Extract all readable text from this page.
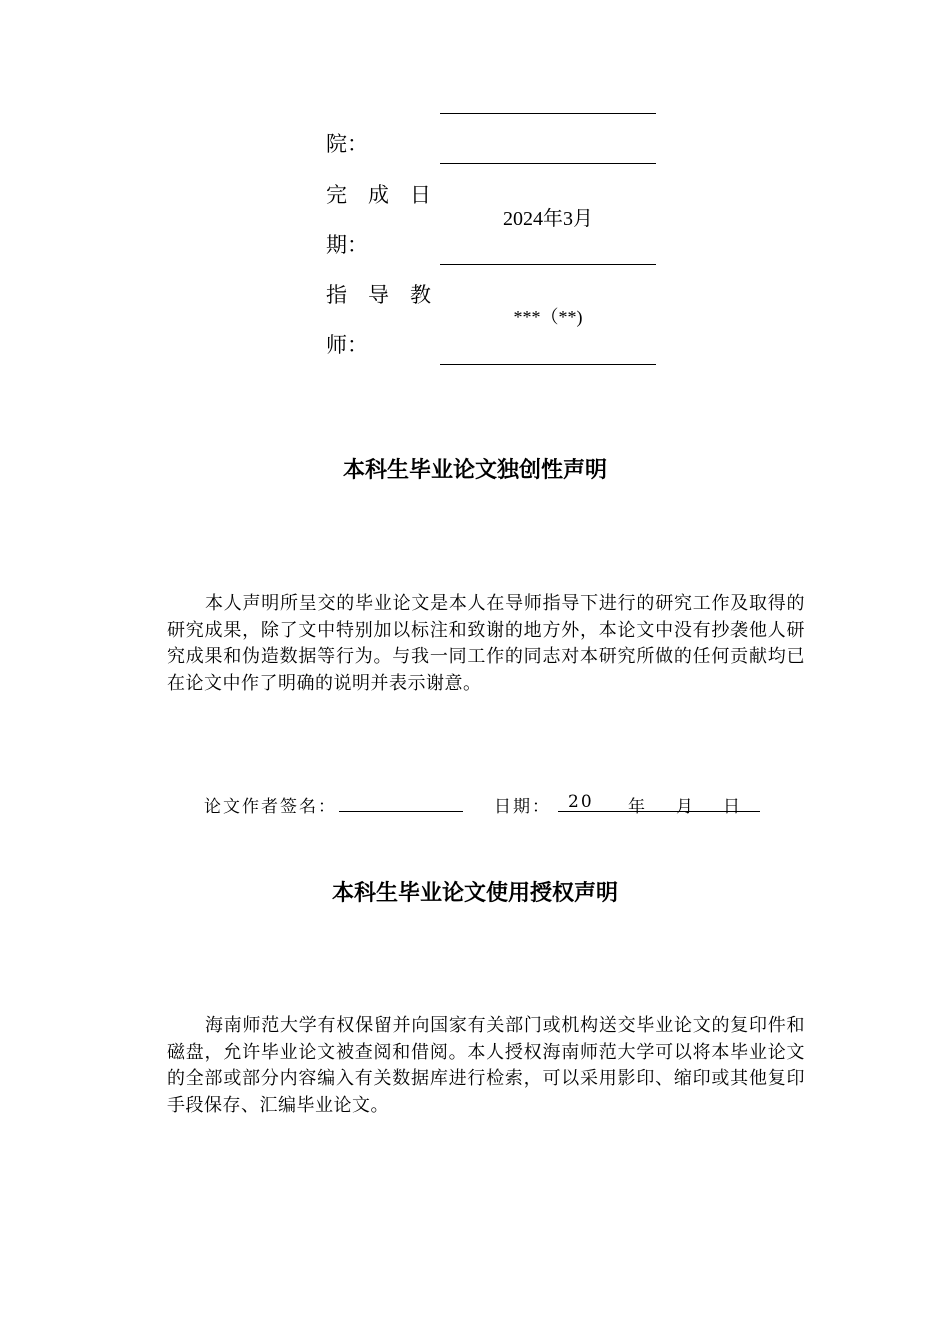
院：
完 成 日
期：
2024年3月
指 导 教
师：
***（**)
本科生毕业论文独创性声明
本人声明所呈交的毕业论文是本人在导师指导下进行的研究工作及取得的研究成果，除了文中特别加以标注和致谢的地方外，本论文中没有抄袭他人研究成果和伪造数据等行为。与我一同工作的同志对本研究所做的任何贡献均已在论文中作了明确的说明并表示谢意。
论文作者签名：	日期： 20 年 月 日
本科生毕业论文使用授权声明
海南师范大学有权保留并向国家有关部门或机构送交毕业论文的复印件和磁盘，允许毕业论文被查阅和借阅。本人授权海南师范大学可以将本毕业论文的全部或部分内容编入有关数据库进行检索，可以采用影印、缩印或其他复印手段保存、汇编毕业论文。
